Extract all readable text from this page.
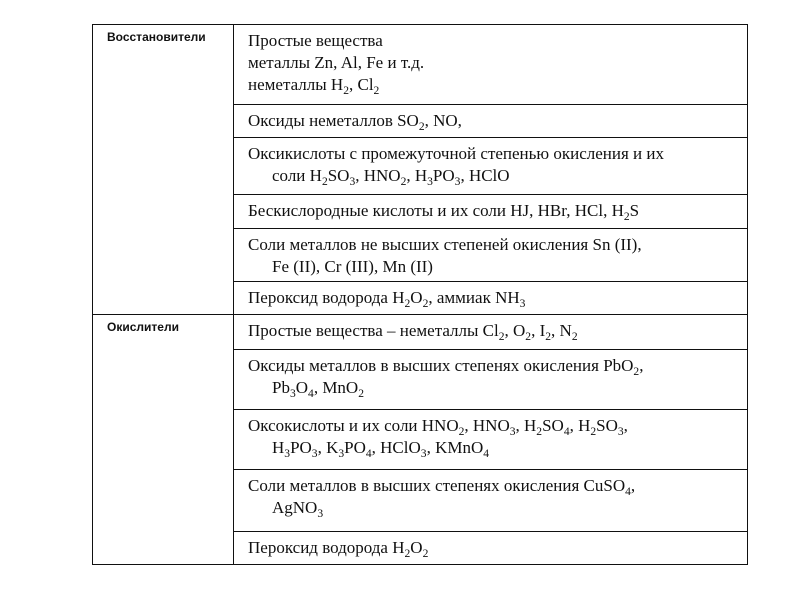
Восстановители	Простые вещества
металлы Zn, Al, Fe и т.д.
неметаллы $H_2$, $Cl_2$

	Оксиды неметаллов $SO_2$, NO,

	Оксикислоты с промежуточной степенью окисления и их
соли $H_2SO_3$, $HNO_2$, $H_3PO_3$, HClO

	Бескислородные кислоты и их соли HJ, HBr, HCl, $H_2S$

	Соли металлов не высших степеней окисления Sn (II),
Fe (II), Cr (III), Mn (II)

	Пероксид водорода $H_2O_2$, аммиак $NH_3$

Окислители	Простые вещества – неметаллы $Cl_2$, $O_2$, $I_2$, $N_2$

	Оксиды металлов в высших степенях окисления PbO$_2$,
$Pb_3O_4$, MnO$_2$

	Оксокислоты и их соли $HNO_2$, $HNO_3$, $H_2SO_4$, $H_2SO_3$,
$H_3PO_3$, $K_3PO_4$, HClO$_3$, KMnO$_4$

	Соли металлов в высших степенях окисления CuSO$_4$,
AgNO$_3$

	Пероксид водорода $H_2O_2$
